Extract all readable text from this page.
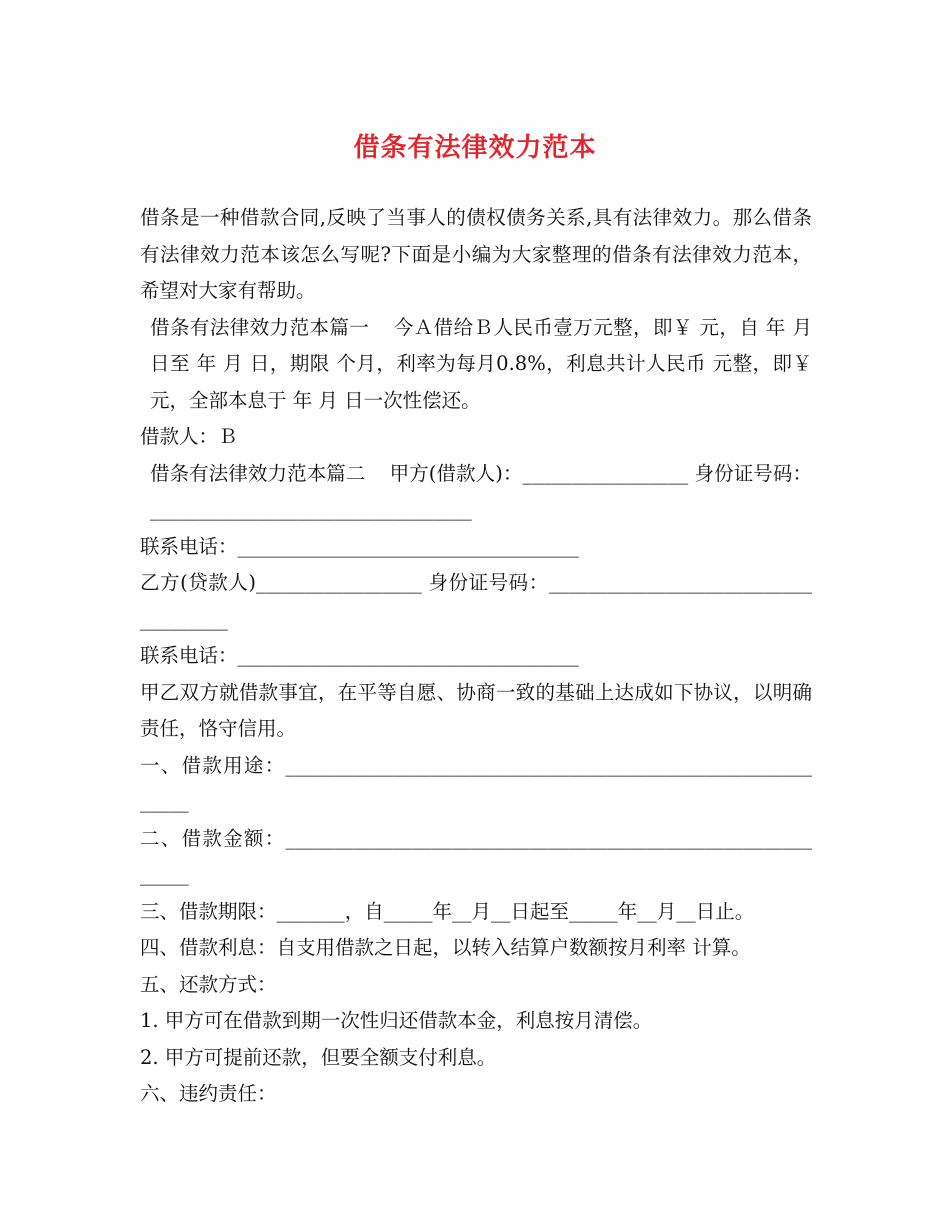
借条有法律效力范本

借条是一种借款合同,反映了当事人的债权债务关系,具有法律效力。那么借条有法律效力范本该怎么写呢?下面是小编为大家整理的借条有法律效力范本，希望对大家有帮助。

借条有法律效力范本篇一 今Ａ借给Ｂ人民币壹万元整，即￥ 元，自 年 月 日至 年 月 日，期限 个月，利率为每月0.8%，利息共计人民币 元整，即￥ 元，全部本息于 年 月 日一次性偿还。

借款人：Ｂ

借条有法律效力范本篇二 甲方(借款人)：_________________ 身份证号码：_________________________________

联系电话：___________________________________

乙方(贷款人)_________________ 身份证号码：____________________________________

联系电话：___________________________________

甲乙双方就借款事宜，在平等自愿、协商一致的基础上达成如下协议，以明确责任，恪守信用。

一、借款用途：___________________________________________________________

二、借款金额：___________________________________________________________

三、借款期限：_______，自_____年__月__日起至_____年__月__日止。

四、借款利息：自支用借款之日起，以转入结算户数额按月利率 计算。

五、还款方式：

1. 甲方可在借款到期一次性归还借款本金，利息按月清偿。

2. 甲方可提前还款，但要全额支付利息。

六、违约责任：
